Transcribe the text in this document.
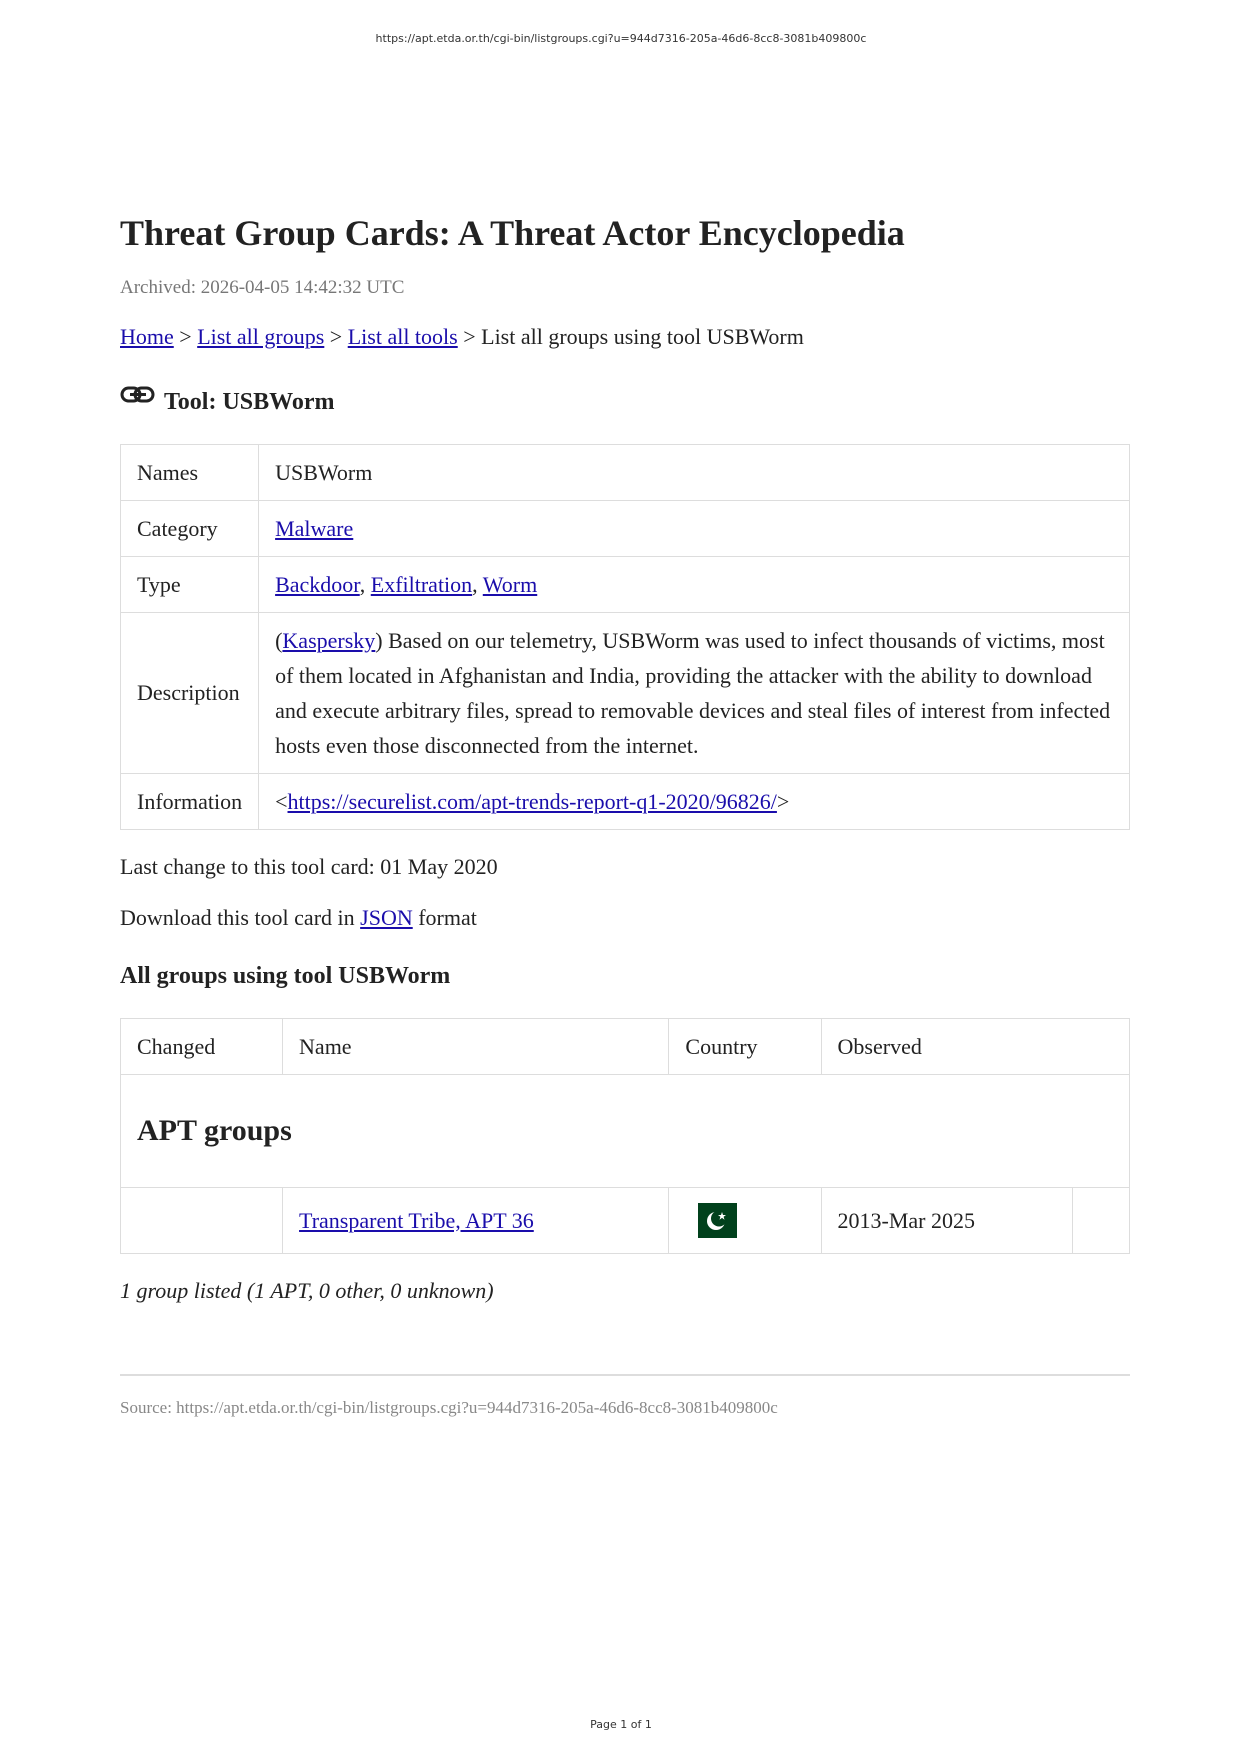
https://apt.etda.or.th/cgi-bin/listgroups.cgi?u=944d7316-205a-46d6-8cc8-3081b409800c
Threat Group Cards: A Threat Actor Encyclopedia
Archived: 2026-04-05 14:42:32 UTC
Home > List all groups > List all tools > List all groups using tool USBWorm
Tool: USBWorm
Names	USBWorm
Category	Malware
Type	Backdoor, Exfiltration, Worm
Description	(Kaspersky) Based on our telemetry, USBWorm was used to infect thousands of victims, most of them located in Afghanistan and India, providing the attacker with the ability to download and execute arbitrary files, spread to removable devices and steal files of interest from infected hosts even those disconnected from the internet.
Information	<https://securelist.com/apt-trends-report-q1-2020/96826/>
Last change to this tool card: 01 May 2020
Download this tool card in JSON format
All groups using tool USBWorm
Changed	Name	Country	Observed	
APT groups				
	Transparent Tribe, APT 36		2013-Mar 2025	
1 group listed (1 APT, 0 other, 0 unknown)
Source: https://apt.etda.or.th/cgi-bin/listgroups.cgi?u=944d7316-205a-46d6-8cc8-3081b409800c
Page 1 of 1
